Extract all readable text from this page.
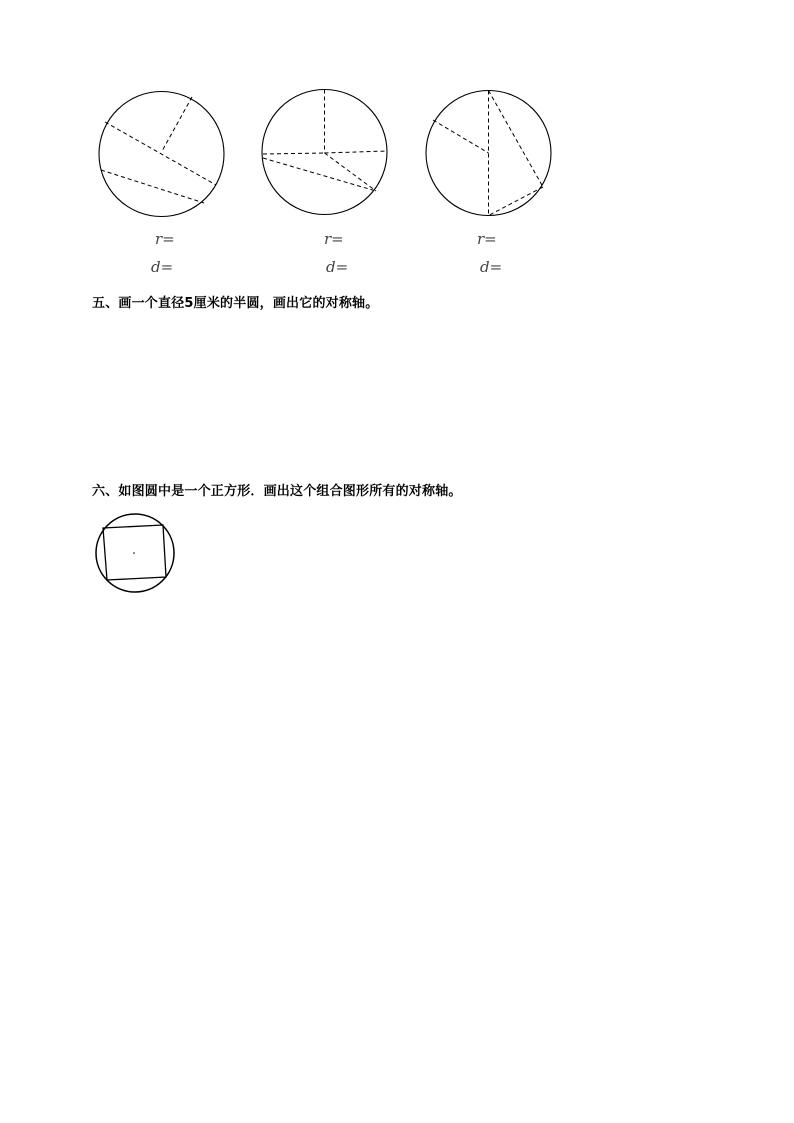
r=
d=
r=
d=
r=
d=
五、画一个直径5厘米的半圆，画出它的对称轴。
六、如图圆中是一个正方形．画出这个组合图形所有的对称轴。
